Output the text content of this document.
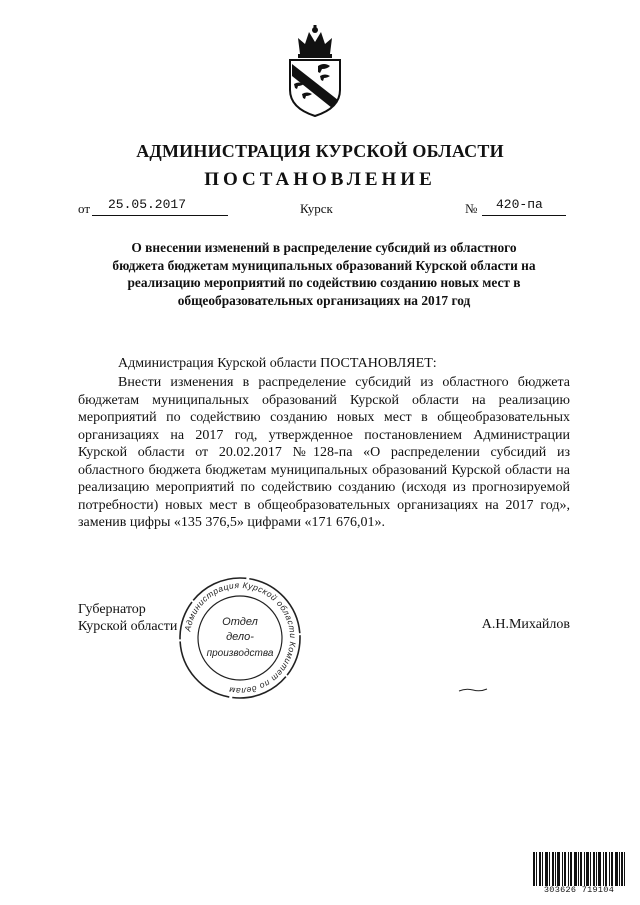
АДМИНИСТРАЦИЯ КУРСКОЙ ОБЛАСТИ
ПОСТАНОВЛЕНИЕ
от	25.05.2017	Курск	№	420-па
О внесении изменений в распределение субсидий из областного
бюджета бюджетам муниципальных образований Курской области на
реализацию мероприятий по содействию созданию новых мест в
общеобразовательных организациях на 2017 год
Администрация Курской области ПОСТАНОВЛЯЕТ:
Внести изменения в распределение субсидий из областного бюджета бюджетам муниципальных образований Курской области на реализацию мероприятий по содействию созданию новых мест в общеобразовательных организациях на 2017 год, утвержденное постановлением Администрации Курской области от 20.02.2017 №128-па «О распределении субсидий из областного бюджета бюджетам муниципальных образований Курской области на реализацию мероприятий по содействию созданию (исходя из прогнозируемой потребности) новых мест в общеобразовательных организациях на 2017 год», заменив цифры «135 376,5» цифрами «171 676,01».
Губернатор
Курской области Администрация Курской области Комитет по делам
Отдел
дело-
производства
А.Н.Михайлов
303626 719104
